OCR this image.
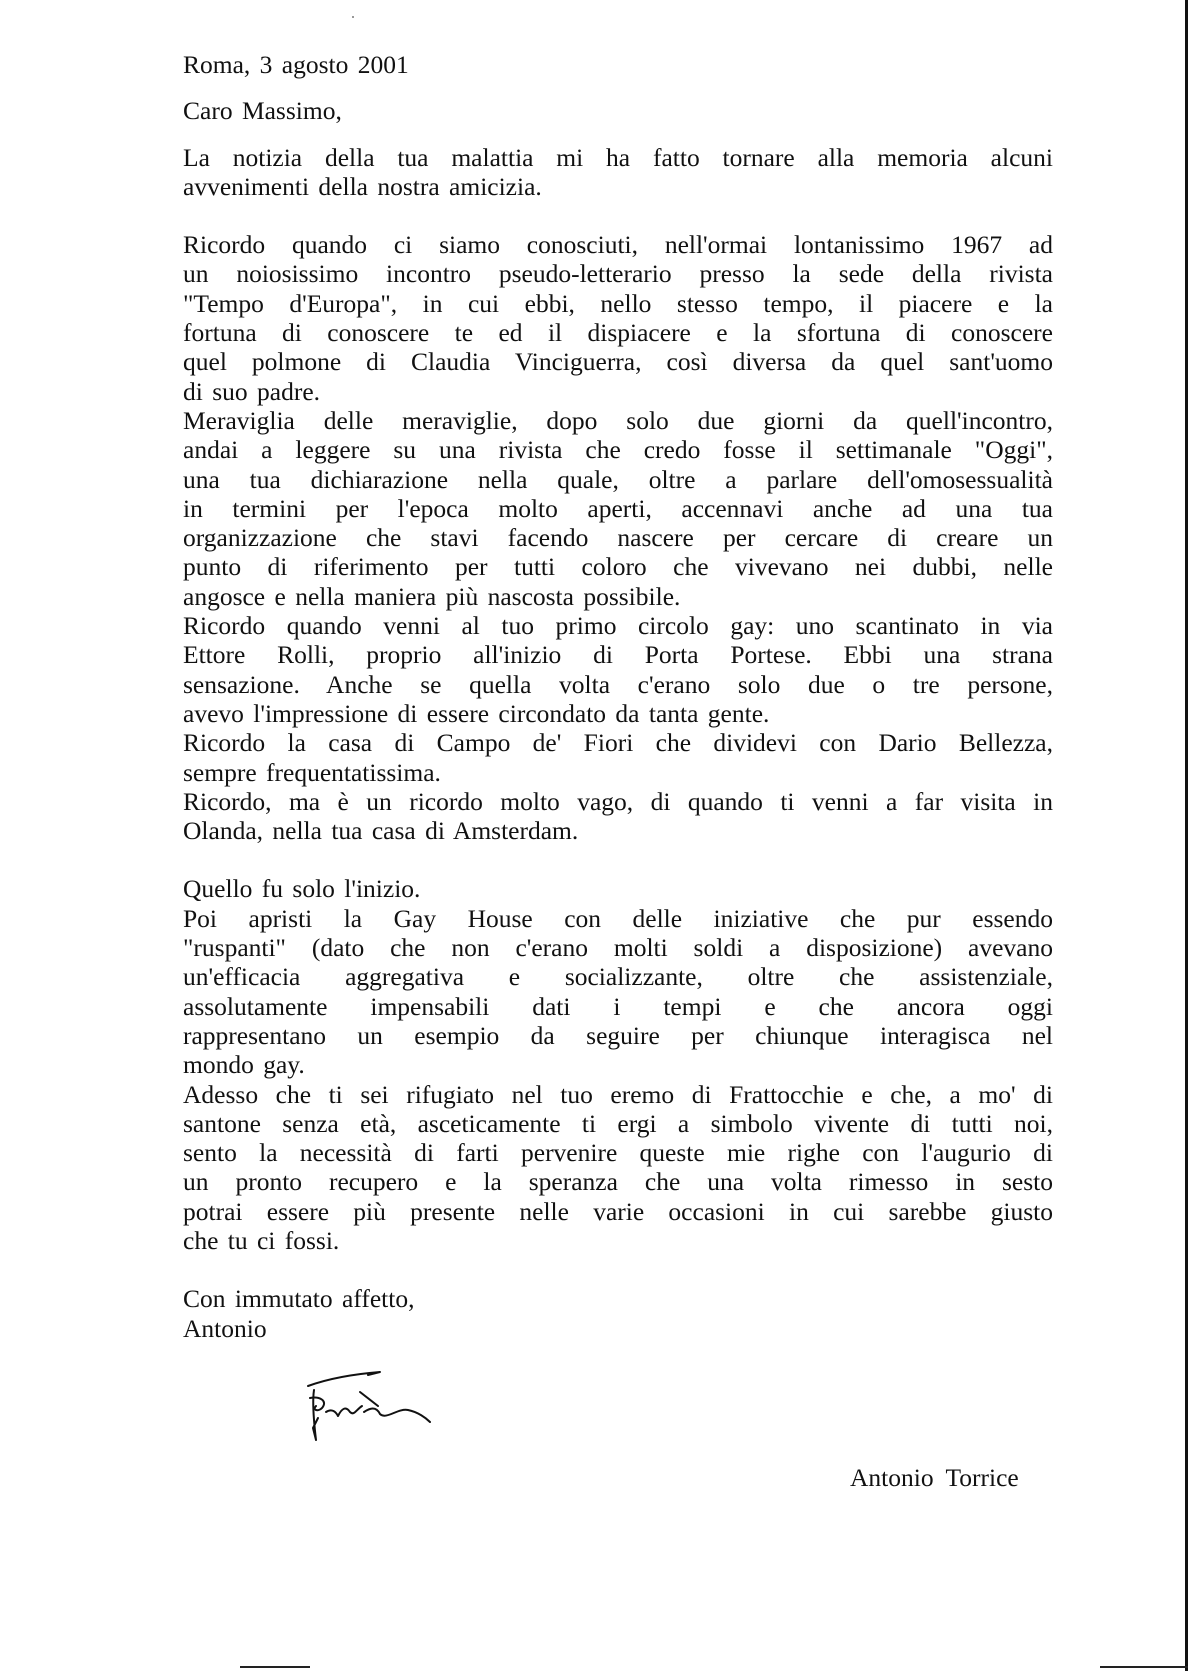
Roma, 3 agosto 2001

Caro Massimo,

La notizia della tua malattia mi ha fatto tornare alla memoria alcuni
avvenimenti della nostra amicizia.
Ricordo quando ci siamo conosciuti, nell'ormai lontanissimo 1967 ad
un noiosissimo incontro pseudo-letterario presso la sede della rivista
"Tempo d'Europa", in cui ebbi, nello stesso tempo, il piacere e la
fortuna di conoscere te ed il dispiacere e la sfortuna di conoscere
quel polmone di Claudia Vinciguerra, così diversa da quel sant'uomo
di suo padre.
Meraviglia delle meraviglie, dopo solo due giorni da quell'incontro,
andai a leggere su una rivista che credo fosse il settimanale "Oggi",
una tua dichiarazione nella quale, oltre a parlare dell'omosessualità
in termini per l'epoca molto aperti, accennavi anche ad una tua
organizzazione che stavi facendo nascere per cercare di creare un
punto di riferimento per tutti coloro che vivevano nei dubbi, nelle
angosce e nella maniera più nascosta possibile.
Ricordo quando venni al tuo primo circolo gay: uno scantinato in via
Ettore Rolli, proprio all'inizio di Porta Portese. Ebbi una strana
sensazione. Anche se quella volta c'erano solo due o tre persone,
avevo l'impressione di essere circondato da tanta gente.
Ricordo la casa di Campo de' Fiori che dividevi con Dario Bellezza,
sempre frequentatissima.
Ricordo, ma è un ricordo molto vago, di quando ti venni a far visita in
Olanda, nella tua casa di Amsterdam.
Quello fu solo l'inizio.
Poi apristi la Gay House con delle iniziative che pur essendo
"ruspanti" (dato che non c'erano molti soldi a disposizione) avevano
un'efficacia aggregativa e socializzante, oltre che assistenziale,
assolutamente impensabili dati i tempi e che ancora oggi
rappresentano un esempio da seguire per chiunque interagisca nel
mondo gay.
Adesso che ti sei rifugiato nel tuo eremo di Frattocchie e che, a mo' di
santone senza età, asceticamente ti ergi a simbolo vivente di tutti noi,
sento la necessità di farti pervenire queste mie righe con l'augurio di
un pronto recupero e la speranza che una volta rimesso in sesto
potrai essere più presente nelle varie occasioni in cui sarebbe giusto
che tu ci fossi.

Con immutato affetto,

Antonio

Antonio Torrice
